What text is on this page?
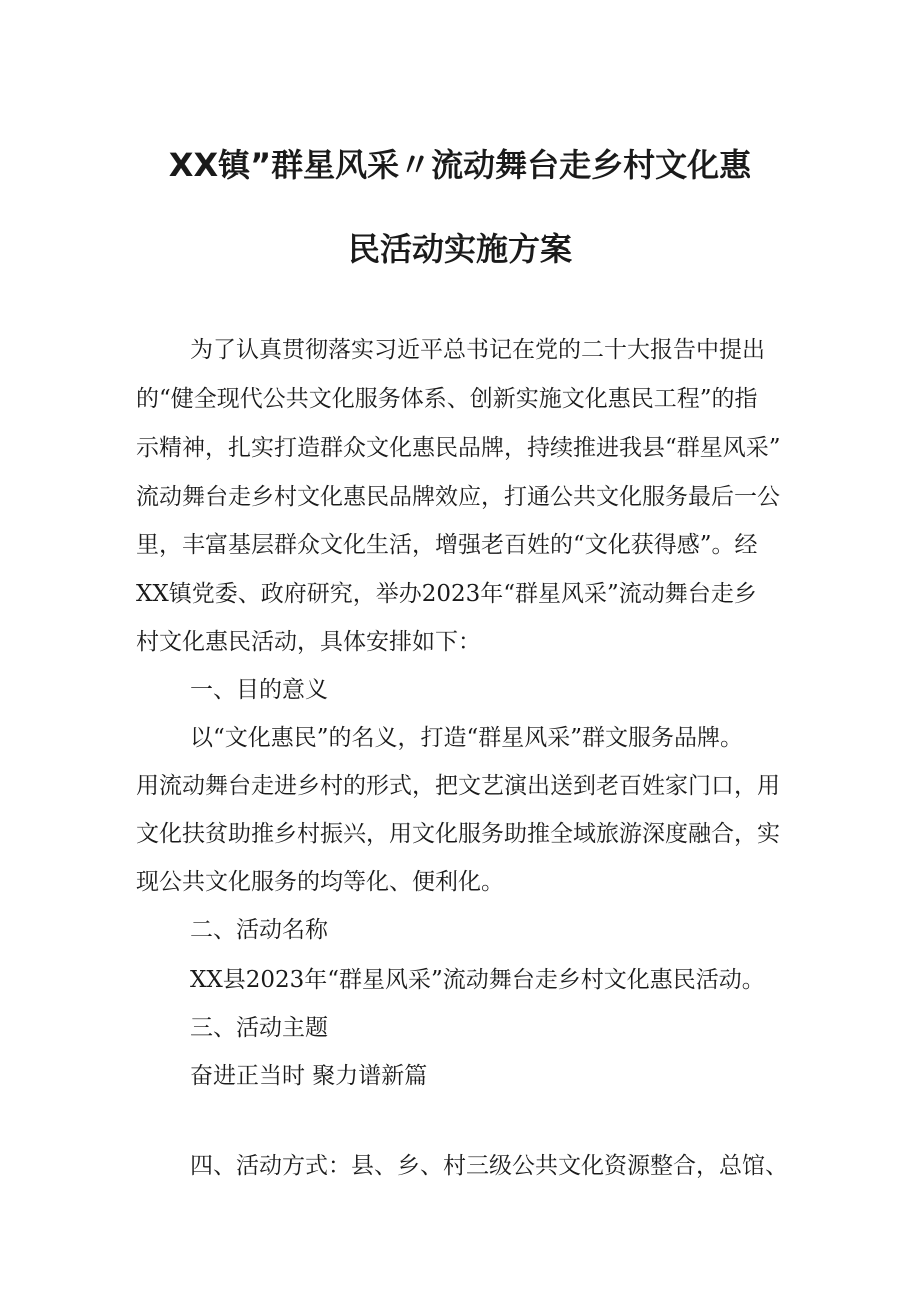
XX镇”群星风采〃流动舞台走乡村文化惠
民活动实施方案
为了认真贯彻落实习近平总书记在党的二十大报告中提出
的“健全现代公共文化服务体系、创新实施文化惠民工程”的指
示精神，扎实打造群众文化惠民品牌，持续推进我县“群星风采”
流动舞台走乡村文化惠民品牌效应，打通公共文化服务最后一公
里，丰富基层群众文化生活，增强老百姓的“文化获得感”。经
XX镇党委、政府研究，举办2023年“群星风采”流动舞台走乡
村文化惠民活动，具体安排如下：
一、目的意义
以“文化惠民”的名义，打造“群星风采”群文服务品牌。
用流动舞台走进乡村的形式，把文艺演出送到老百姓家门口，用
文化扶贫助推乡村振兴，用文化服务助推全域旅游深度融合，实
现公共文化服务的均等化、便利化。
二、活动名称
XX县2023年“群星风采”流动舞台走乡村文化惠民活动。
三、活动主题
奋进正当时 聚力谱新篇
四、活动方式：县、乡、村三级公共文化资源整合，总馆、
